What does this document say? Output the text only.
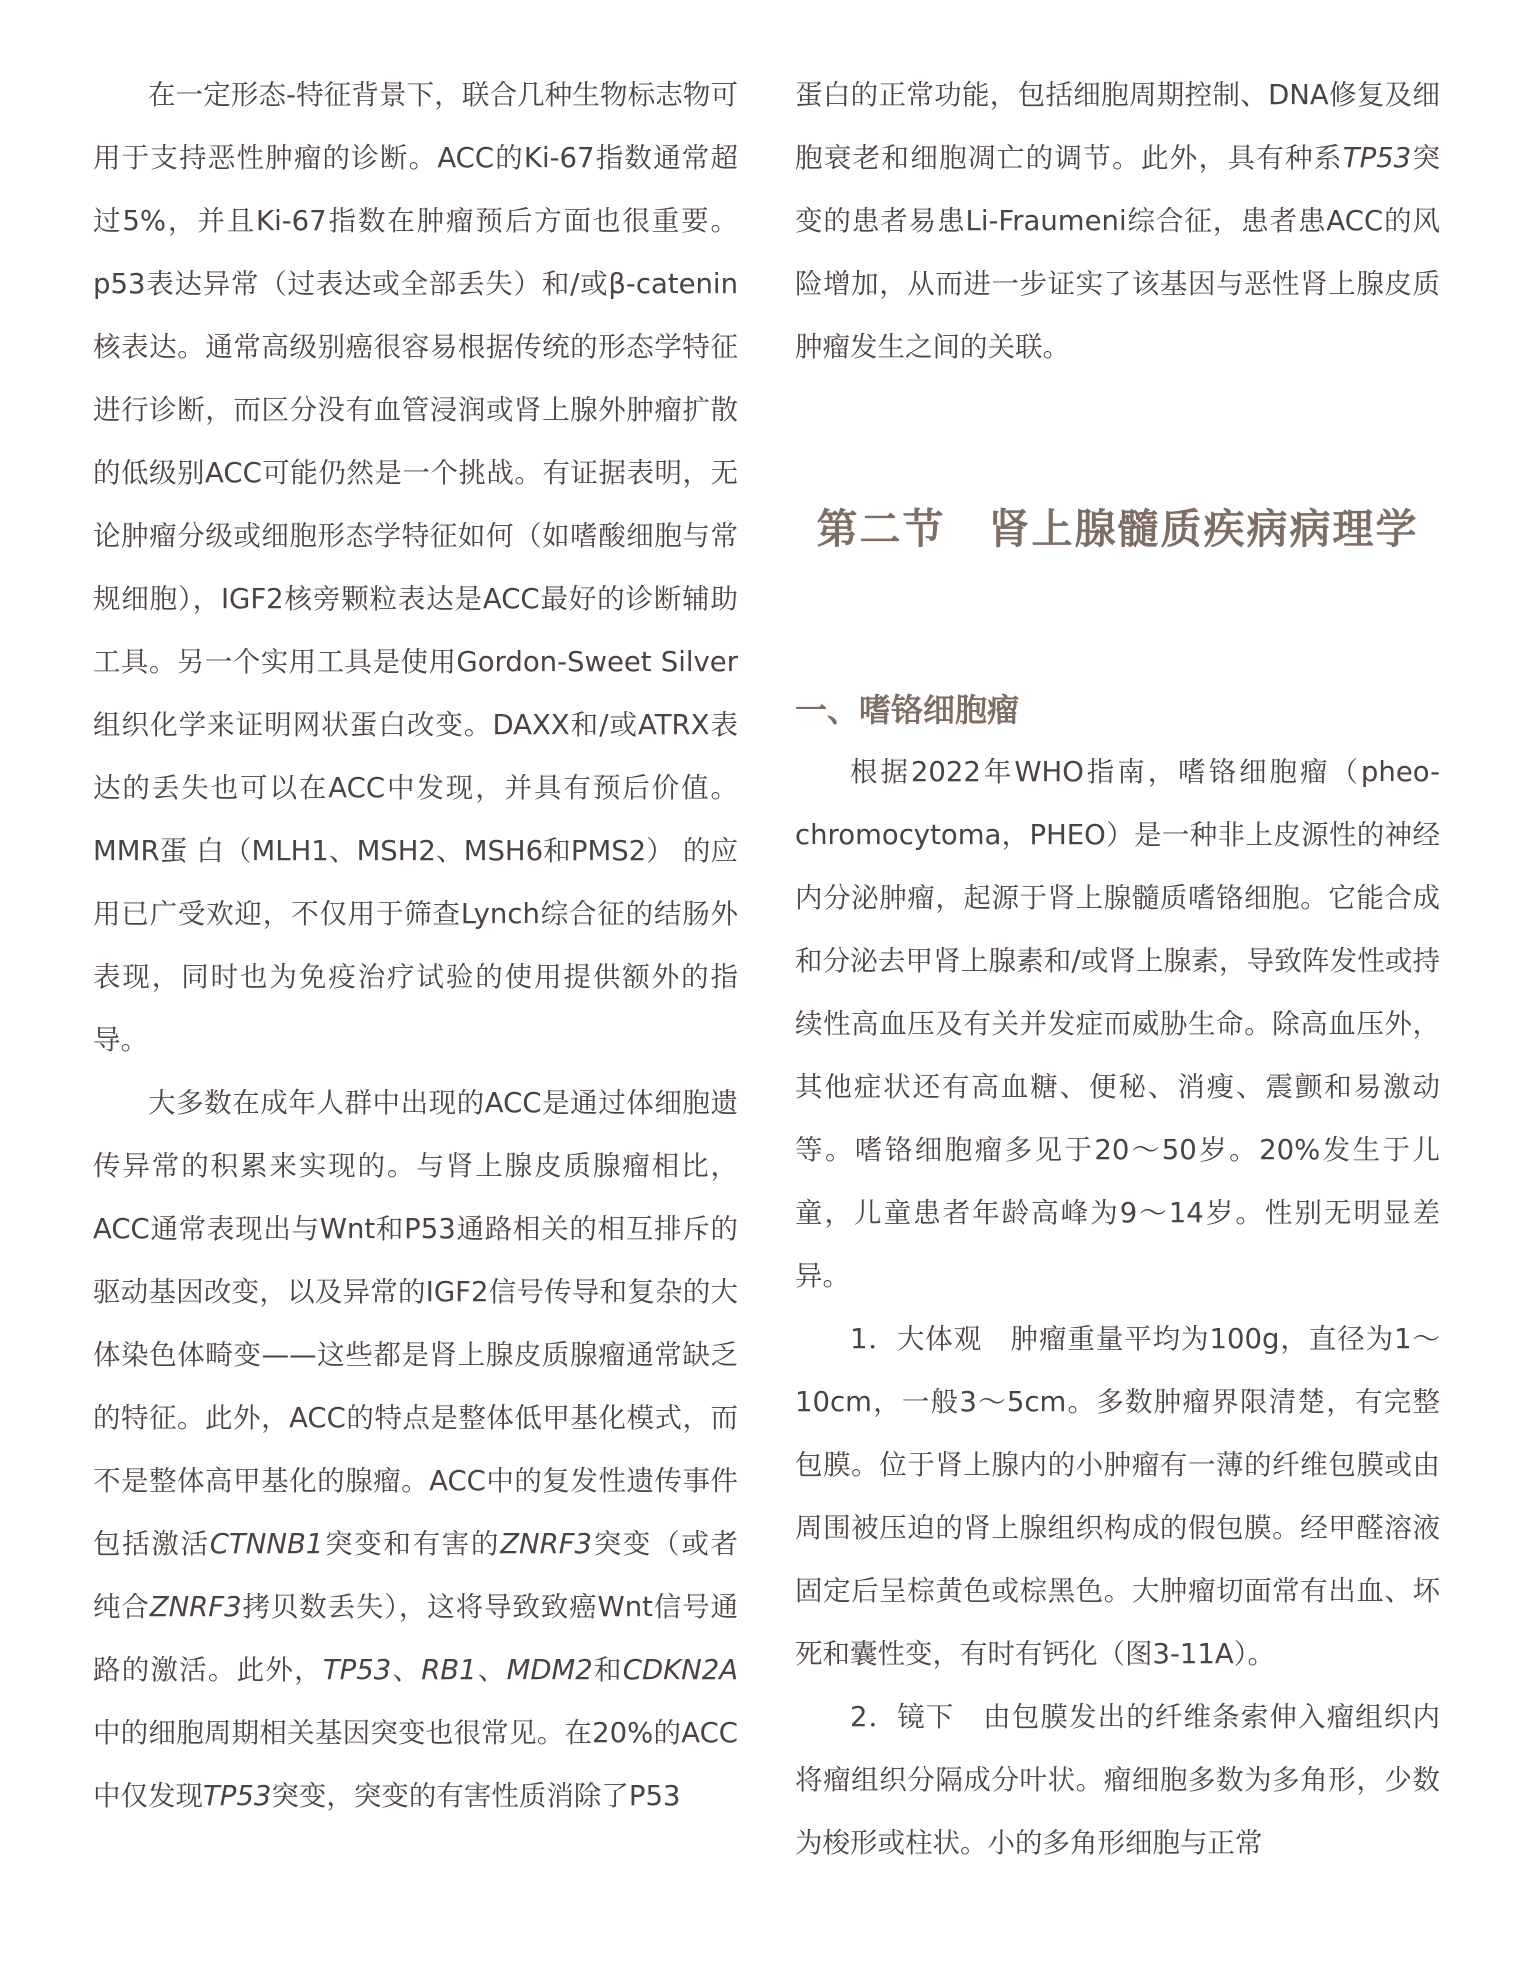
在一定形态-特征背景下，联合几种生物标志物可用于支持恶性肿瘤的诊断。ACC的Ki-67指数通常超过5%，并且Ki-67指数在肿瘤预后方面也很重要。p53表达异常（过表达或全部丢失）和/或β-catenin核表达。通常高级别癌很容易根据传统的形态学特征进行诊断，而区分没有血管浸润或肾上腺外肿瘤扩散的低级别ACC可能仍然是一个挑战。有证据表明，无论肿瘤分级或细胞形态学特征如何（如嗜酸细胞与常规细胞），IGF2核旁颗粒表达是ACC最好的诊断辅助工具。另一个实用工具是使用Gordon-Sweet Silver组织化学来证明网状蛋白改变。DAXX和/或ATRX表达的丢失也可以在ACC中发现，并具有预后价值。MMR蛋 白（MLH1、MSH2、MSH6和PMS2） 的应用已广受欢迎，不仅用于筛查Lynch综合征的结肠外表现，同时也为免疫治疗试验的使用提供额外的指导。

大多数在成年人群中出现的ACC是通过体细胞遗传异常的积累来实现的。与肾上腺皮质腺瘤相比，ACC通常表现出与Wnt和P53通路相关的相互排斥的驱动基因改变，以及异常的IGF2信号传导和复杂的大体染色体畸变——这些都是肾上腺皮质腺瘤通常缺乏的特征。此外，ACC的特点是整体低甲基化模式，而不是整体高甲基化的腺瘤。ACC中的复发性遗传事件包括激活CTNNB1突变和有害的ZNRF3突变（或者纯合ZNRF3拷贝数丢失），这将导致致癌Wnt信号通路的激活。此外，TP53、RB1、MDM2和CDKN2A中的细胞周期相关基因突变也很常见。在20%的ACC中仅发现TP53突变，突变的有害性质消除了P53

蛋白的正常功能，包括细胞周期控制、DNA修复及细胞衰老和细胞凋亡的调节。此外，具有种系TP53突变的患者易患Li-Fraumeni综合征，患者患ACC的风险增加，从而进一步证实了该基因与恶性肾上腺皮质肿瘤发生之间的关联。

第二节　肾上腺髓质疾病病理学
一、嗜铬细胞瘤

根据2022年WHO指南，嗜铬细胞瘤（pheo-chromocytoma，PHEO）是一种非上皮源性的神经内分泌肿瘤，起源于肾上腺髓质嗜铬细胞。它能合成和分泌去甲肾上腺素和/或肾上腺素，导致阵发性或持续性高血压及有关并发症而威胁生命。除高血压外，其他症状还有高血糖、便秘、消瘦、震颤和易激动等。嗜铬细胞瘤多见于20～50岁。20%发生于儿童，儿童患者年龄高峰为9～14岁。性别无明显差异。

1．大体观　肿瘤重量平均为100g，直径为1～10cm，一般3～5cm。多数肿瘤界限清楚，有完整包膜。位于肾上腺内的小肿瘤有一薄的纤维包膜或由周围被压迫的肾上腺组织构成的假包膜。经甲醛溶液固定后呈棕黄色或棕黑色。大肿瘤切面常有出血、坏死和囊性变，有时有钙化（图3-11A）。

2．镜下　由包膜发出的纤维条索伸入瘤组织内将瘤组织分隔成分叶状。瘤细胞多数为多角形，少数为梭形或柱状。小的多角形细胞与正常
